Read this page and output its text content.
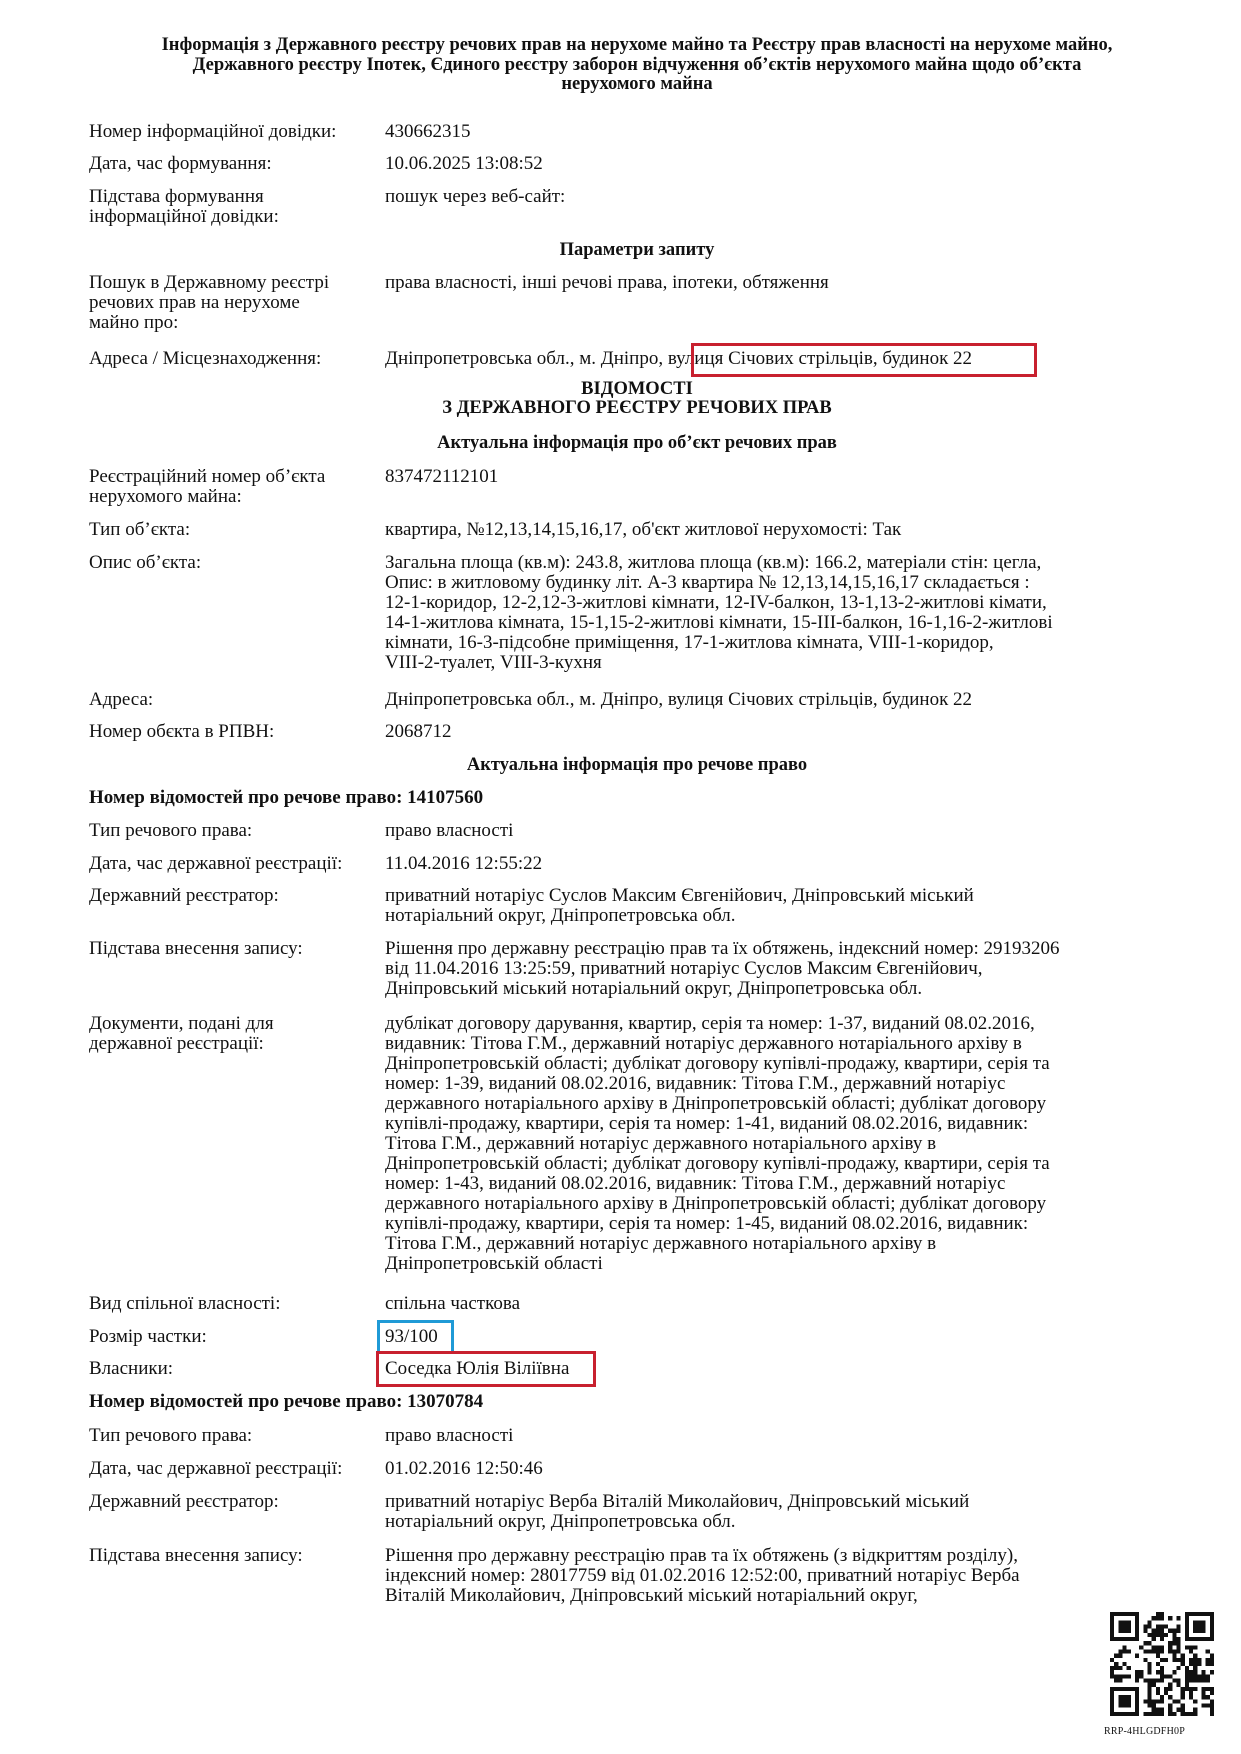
Інформація з Державного реєстру речових прав на нерухоме майно та Реєстру прав власності на нерухоме майно,
Державного реєстру Іпотек, Єдиного реєстру заборон відчуження об’єктів нерухомого майна щодо об’єкта
нерухомого майна
Номер інформаційної довідки:	430662315
Дата, час формування:	10.06.2025 13:08:52
Підстава формування
інформаційної довідки:
пошук через веб-сайт:
Параметри запиту
Пошук в Державному реєстрі
речових прав на нерухоме
майно про:
права власності, інші речові права, іпотеки, обтяження
Адреса / Місцезнаходження:	Дніпропетровська обл., м. Дніпро, вулиця Січових стрільців, будинок 22
ВІДОМОСТІ
З ДЕРЖАВНОГО РЕЄСТРУ РЕЧОВИХ ПРАВ
Актуальна інформація про об’єкт речових прав
Реєстраційний номер об’єкта
нерухомого майна:
837472112101
Тип об’єкта:	квартира, №12,13,14,15,16,17, об'єкт житлової нерухомості: Так
Опис об’єкта:	Загальна площа (кв.м): 243.8, житлова площа (кв.м): 166.2, матеріали стін: цегла,
Опис: в житловому будинку літ. А-3 квартира № 12,13,14,15,16,17 складається :
12-1-коридор, 12-2,12-3-житлові кімнати, 12-IV-балкон, 13-1,13-2-житлові кімати,
14-1-житлова кімната, 15-1,15-2-житлові кімнати, 15-III-балкон, 16-1,16-2-житлові
кімнати, 16-3-підсобне приміщення, 17-1-житлова кімната, VIII-1-коридор,
VIII-2-туалет, VIII-3-кухня
Адреса:	Дніпропетровська обл., м. Дніпро, вулиця Січових стрільців, будинок 22
Номер обєкта в РПВН:	2068712
Актуальна інформація про речове право
Номер відомостей про речове право: 14107560
Тип речового права:	право власності
Дата, час державної реєстрації:	11.04.2016 12:55:22
Державний реєстратор:	приватний нотаріус Суслов Максим Євгенійович, Дніпровський міський
нотаріальний округ, Дніпропетровська обл.
Підстава внесення запису:	Рішення про державну реєстрацію прав та їх обтяжень, індексний номер: 29193206
від 11.04.2016 13:25:59, приватний нотаріус Суслов Максим Євгенійович,
Дніпровський міський нотаріальний округ, Дніпропетровська обл.
Документи, подані для
державної реєстрації:
дублікат договору дарування, квартир, серія та номер: 1-37, виданий 08.02.2016,
видавник: Тітова Г.М., державний нотаріус державного нотаріального архіву в
Дніпропетровській області; дублікат договору купівлі-продажу, квартири, серія та
номер: 1-39, виданий 08.02.2016, видавник: Тітова Г.М., державний нотаріус
державного нотаріального архіву в Дніпропетровській області; дублікат договору
купівлі-продажу, квартири, серія та номер: 1-41, виданий 08.02.2016, видавник:
Тітова Г.М., державний нотаріус державного нотаріального архіву в
Дніпропетровській області; дублікат договору купівлі-продажу, квартири, серія та
номер: 1-43, виданий 08.02.2016, видавник: Тітова Г.М., державний нотаріус
державного нотаріального архіву в Дніпропетровській області; дублікат договору
купівлі-продажу, квартири, серія та номер: 1-45, виданий 08.02.2016, видавник:
Тітова Г.М., державний нотаріус державного нотаріального архіву в
Дніпропетровській області
Вид спільної власності:	спільна часткова
Розмір частки:	93/100
Власники:	Соседка Юлія Віліївна
Номер відомостей про речове право: 13070784
Тип речового права:	право власності
Дата, час державної реєстрації:	01.02.2016 12:50:46
Державний реєстратор:	приватний нотаріус Верба Віталій Миколайович, Дніпровський міський
нотаріальний округ, Дніпропетровська обл.
Підстава внесення запису:	Рішення про державну реєстрацію прав та їх обтяжень (з відкриттям розділу),
індексний номер: 28017759 від 01.02.2016 12:52:00, приватний нотаріус Верба
Віталій Миколайович, Дніпровський міський нотаріальний округ,
RRP-4HLGDFH0P
